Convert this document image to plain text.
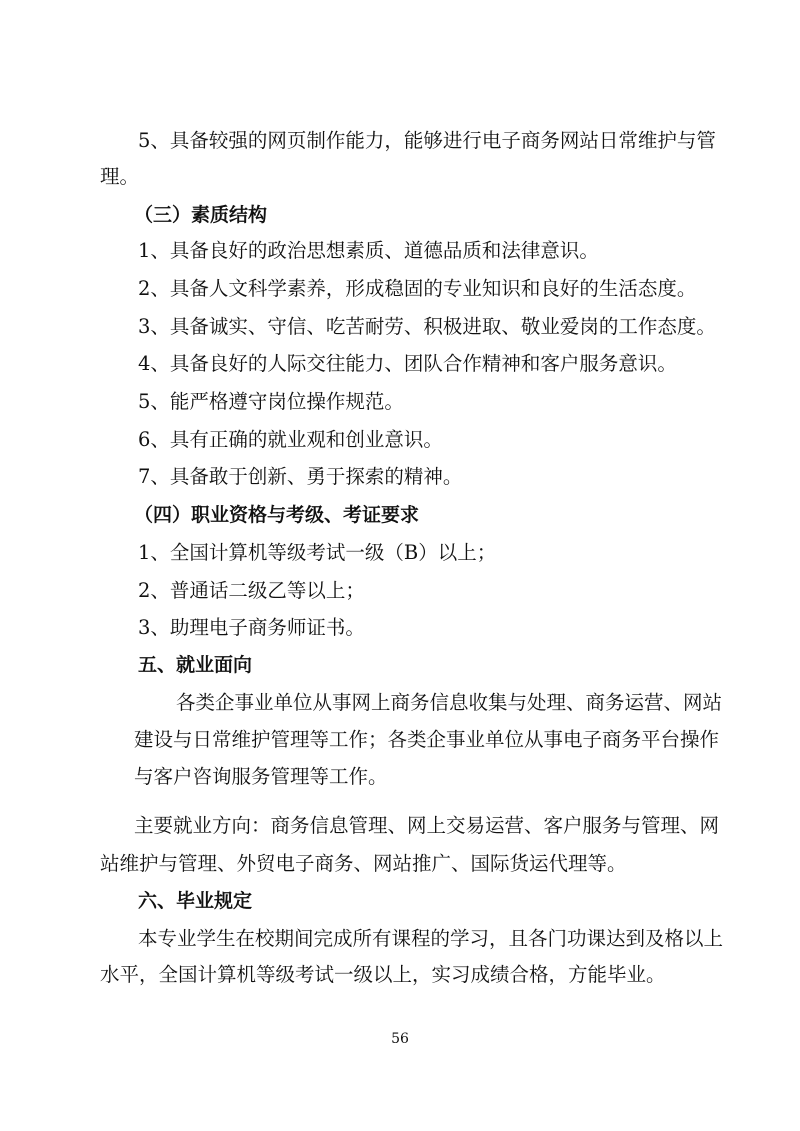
5、具备较强的网页制作能力，能够进行电子商务网站日常维护与管
理。
（三）素质结构
1、具备良好的政治思想素质、道德品质和法律意识。
2、具备人文科学素养，形成稳固的专业知识和良好的生活态度。
3、具备诚实、守信、吃苦耐劳、积极进取、敬业爱岗的工作态度。
4、具备良好的人际交往能力、团队合作精神和客户服务意识。
5、能严格遵守岗位操作规范。
6、具有正确的就业观和创业意识。
7、具备敢于创新、勇于探索的精神。
（四）职业资格与考级、考证要求
1、全国计算机等级考试一级（B）以上；
2、普通话二级乙等以上；
3、助理电子商务师证书。
五、就业面向
各类企事业单位从事网上商务信息收集与处理、商务运营、网站
建设与日常维护管理等工作；各类企事业单位从事电子商务平台操作
与客户咨询服务管理等工作。
主要就业方向：商务信息管理、网上交易运营、客户服务与管理、网
站维护与管理、外贸电子商务、网站推广、国际货运代理等。
六、毕业规定
本专业学生在校期间完成所有课程的学习，且各门功课达到及格以上
水平，全国计算机等级考试一级以上，实习成绩合格，方能毕业。
56
